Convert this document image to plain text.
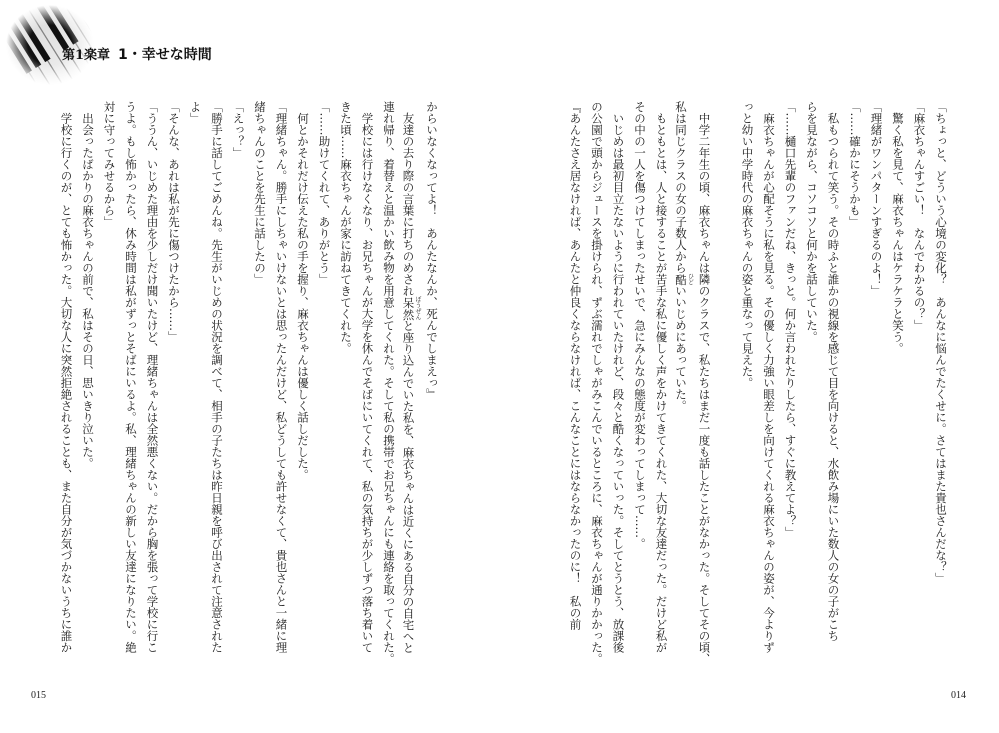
第1楽章 1・幸せな時間

「ちょっと、どういう心境の変化？　あんなに悩んでたくせに。さてはまた貴也さんだな？」

「麻衣ちゃんすごい！　なんでわかるの？」

　驚く私を見て、麻衣ちゃんはケラケラと笑う。

「理緒がワンパターンすぎるのよ！」

「……確かにそうかも」

　私もつられて笑う。その時ふと誰かの視線を感じて目を向けると、水飲み場にいた数人の女の子がこち

らを見ながら、コソコソと何かを話していた。

「……樋口先輩のファンだね、きっと。何か言われたりしたら、すぐに教えてよ？」

　麻衣ちゃんが心配そうに私を見る。その優しく力強い眼差しを向けてくれる麻衣ちゃんの姿が、今よりず

っと幼い中学時代の麻衣ちゃんの姿と重なって見えた。

　中学二年生の頃、麻衣ちゃんは隣のクラスで、私たちはまだ一度も話したことがなかった。そしてその頃、

私は同じクラスの女の子数人から酷ひどいいじめにあっていた。

　もともとは、人と接することが苦手な私に優しく声をかけてきてくれた、大切な友達だった。だけど私が

その中の一人を傷つけてしまったせいで、急にみんなの態度が変わってしまって……。

　いじめは最初目立たないように行われていたけれど、段々と酷くなっていった。そしてとうとう、放課後

の公園で頭からジュースを掛けられ、ずぶ濡れでしゃがみこんでいるところに、麻衣ちゃんが通りかかった。

『あんたさえ居なければ、あんたと仲良くならなければ、こんなことにはならなかったのに！　私の前

からいなくなってよ！　あんたなんか、死んでしまえっ』

　友達の去り際の言葉に打ちのめされ呆然ぼうぜんと座り込んでいた私を、麻衣ちゃんは近くにある自分の自宅へと

連れ帰り、着替えと温かい飲み物を用意してくれた。そして私の携帯でお兄ちゃんにも連絡を取ってくれた。

　学校には行けなくなり、お兄ちゃんが大学を休んでそばにいてくれて、私の気持ちが少しずつ落ち着いて

きた頃……麻衣ちゃんが家に訪ねてきてくれた。

「……助けてくれて、ありがとう」

　何とかそれだけ伝えた私の手を握り、麻衣ちゃんは優しく話しだした。

「理緒ちゃん。勝手にしちゃいけないとは思ったんだけど、私どうしても許せなくて、貴也さんと一緒に理

緒ちゃんのことを先生に話したの」

「えっ？」

「勝手に話してごめんね。先生がいじめの状況を調べて、相手の子たちは昨日親を呼び出されて注意された

よ」

「そんな、あれは私が先に傷つけたから……」

「ううん、いじめた理由を少しだけ聞いたけど、理緒ちゃんは全然悪くない。だから胸を張って学校に行こ

うよ。もし怖かったら、休み時間は私がずっとそばにいるよ。私、理緒ちゃんの新しい友達になりたい。絶

対に守ってみせるから」

　出会ったばかりの麻衣ちゃんの前で、私はその日、思いきり泣いた。

　学校に行くのが、とても怖かった。大切な人に突然拒絶されることも、また自分が気づかないうちに誰か

015	014
